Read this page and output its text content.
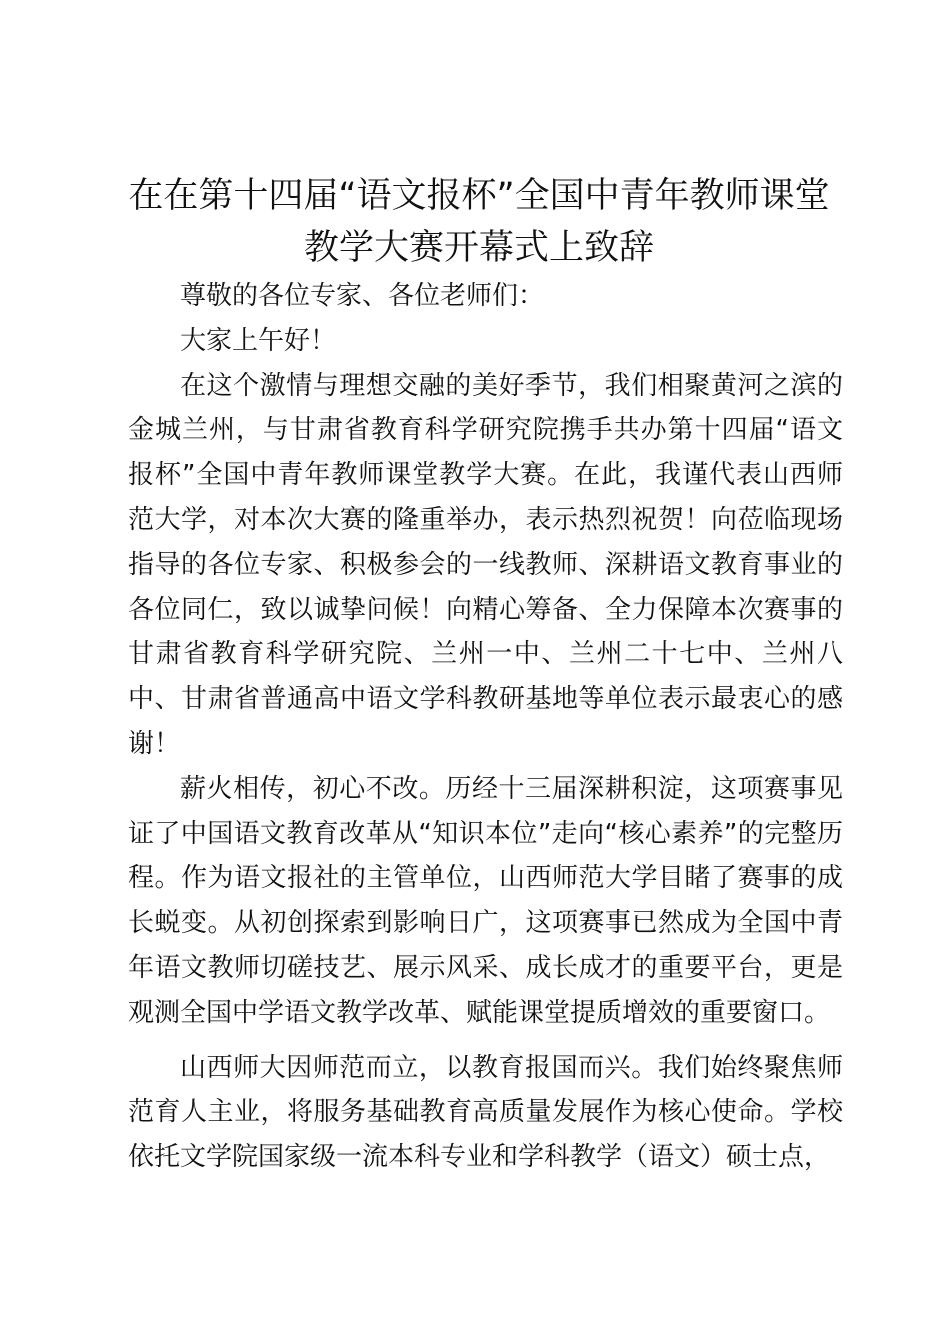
在在第十四届“语文报杯”全国中青年教师课堂教学大赛开幕式上致辞

尊敬的各位专家、各位老师们：

大家上午好！

在这个激情与理想交融的美好季节，我们相聚黄河之滨的金城兰州，与甘肃省教育科学研究院携手共办第十四届“语文报杯”全国中青年教师课堂教学大赛。在此，我谨代表山西师范大学，对本次大赛的隆重举办，表示热烈祝贺！向莅临现场指导的各位专家、积极参会的一线教师、深耕语文教育事业的各位同仁，致以诚挚问候！向精心筹备、全力保障本次赛事的甘肃省教育科学研究院、兰州一中、兰州二十七中、兰州八中、甘肃省普通高中语文学科教研基地等单位表示最衷心的感谢！

薪火相传，初心不改。历经十三届深耕积淀，这项赛事见证了中国语文教育改革从“知识本位”走向“核心素养”的完整历程。作为语文报社的主管单位，山西师范大学目睹了赛事的成长蜕变。从初创探索到影响日广，这项赛事已然成为全国中青年语文教师切磋技艺、展示风采、成长成才的重要平台，更是观测全国中学语文教学改革、赋能课堂提质增效的重要窗口。

山西师大因师范而立，以教育报国而兴。我们始终聚焦师范育人主业，将服务基础教育高质量发展作为核心使命。学校依托文学院国家级一流本科专业和学科教学（语文）硕士点，
